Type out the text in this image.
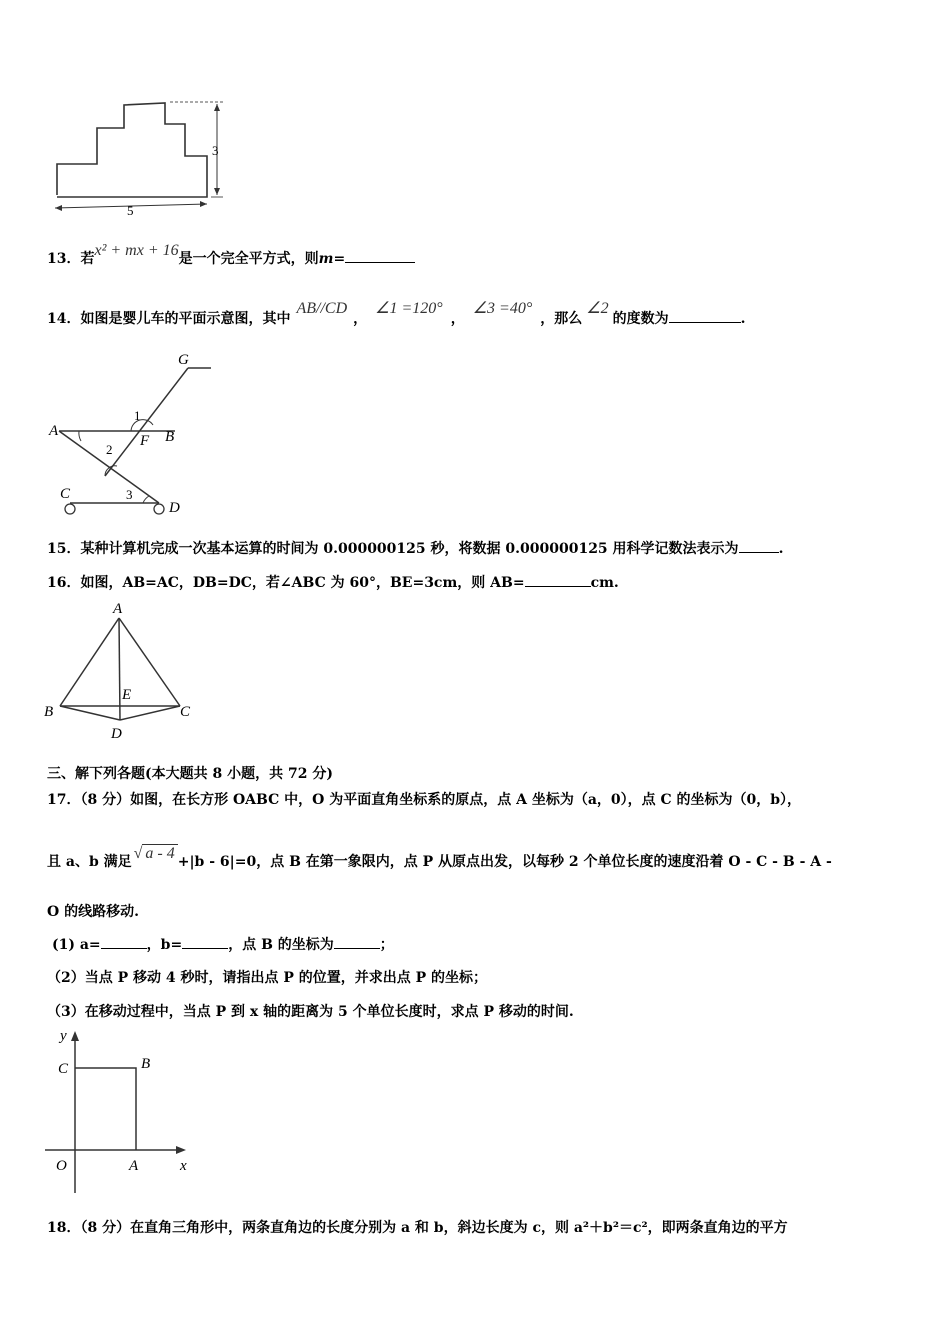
3
5
13．若x² + mx + 16是一个完全平方式，则m=
14．如图是婴儿车的平面示意图，其中AB//CD，∠1 =120°，∠3 =40°，那么∠2的度数为	.
G
A
1
F B
2
C	3
D
15．某种计算机完成一次基本运算的时间为 0.000000125 秒，将数据 0.000000125 用科学记数法表示为	.
16．如图，AB=AC，DB=DC，若∠ABC 为 60°，BE=3cm，则 AB=	cm.
A
E
B	C
D
三、解下列各题(本大题共 8 小题，共 72 分)
17．（8 分）如图，在长方形 OABC 中，O 为平面直角坐标系的原点，点 A 坐标为（a，0），点 C 的坐标为（0，b），
且 a、b 满足 √ a - 4 +|b - 6|=0，点 B 在第一象限内，点 P 从原点出发，以每秒 2 个单位长度的速度沿着 O - C - B - A -
O 的线路移动.
(1) a=	，b=	，点 B 的坐标为	；
（2）当点 P 移动 4 秒时，请指出点 P 的位置，并求出点 P 的坐标；
（3）在移动过程中，当点 P 到 x 轴的距离为 5 个单位长度时，求点 P 移动的时间.
y
C	B
O	A	x
18．（8 分）在直角三角形中，两条直角边的长度分别为 a 和 b，斜边长度为 c，则 a²＋b²＝c²，即两条直角边的平方
